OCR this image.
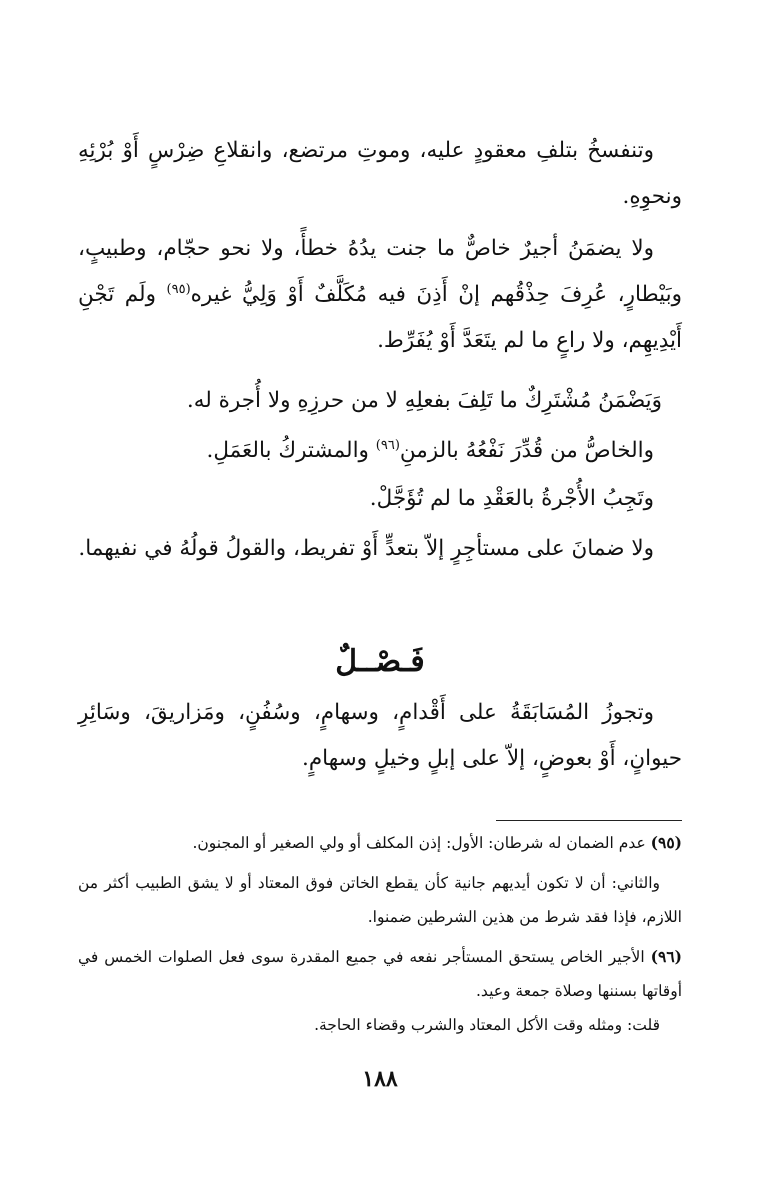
وتنفسخُ بتلفِ معقودٍ عليه، وموتِ مرتضع، وانقلاعِ ضِرْسٍ أَوْ بُرْئِهِ ونحوِهِ.
ولا يضمَنُ أجيرٌ خاصٌّ ما جنت يدُهُ خطأً، ولا نحو حجّام، وطبيبٍ، وبَيْطارٍ، عُرِفَ حِذْقُهم إنْ أَذِنَ فيه مُكَلَّفٌ أَوْ وَلِيُّ غيره$^{(٩٥)}$ ولَم تَجْنِ أَيْدِيهِم، ولا راعٍ ما لم يتَعَدَّ أَوْ يُفَرِّط.
وَيَضْمَنُ مُشْتَرِكٌ ما تَلِفَ بفعلِهِ لا من حرزِهِ ولا أُجرة له.
والخاصُّ من قُدِّرَ نَفْعُهُ بالزمنِ$^{(٩٦)}$ والمشتركُ بالعَمَلِ.
وتَجِبُ الأُجْرةُ بالعَقْدِ ما لم تُؤَجَّلْ.
ولا ضمانَ على مستأجِرٍ إلاّ بتعدٍّ أَوْ تفريط، والقولُ قولُهُ في نفيهما.
فَـصْــلٌ
وتجوزُ المُسَابَقَةُ على أَقْدامٍ، وسهامٍ، وسُفُنٍ، ومَزاريقَ، وسَائِرِ حيوانٍ، أَوْ بعوضٍ، إلاّ على إبلٍ وخيلٍ وسهامٍ.
(٩٥) عدم الضمان له شرطان: الأول: إذن المكلف أو ولي الصغير أو المجنون.
والثاني: أن لا تكون أيديهم جانية كأن يقطع الخاتن فوق المعتاد أو لا يشق الطبيب أكثر من اللازم، فإذا فقد شرط من هذين الشرطين ضمنوا.
(٩٦) الأجير الخاص يستحق المستأجر نفعه في جميع المقدرة سوى فعل الصلوات الخمس في أوقاتها بسننها وصلاة جمعة وعيد.
قلت: ومثله وقت الأكل المعتاد والشرب وقضاء الحاجة.
١٨٨
